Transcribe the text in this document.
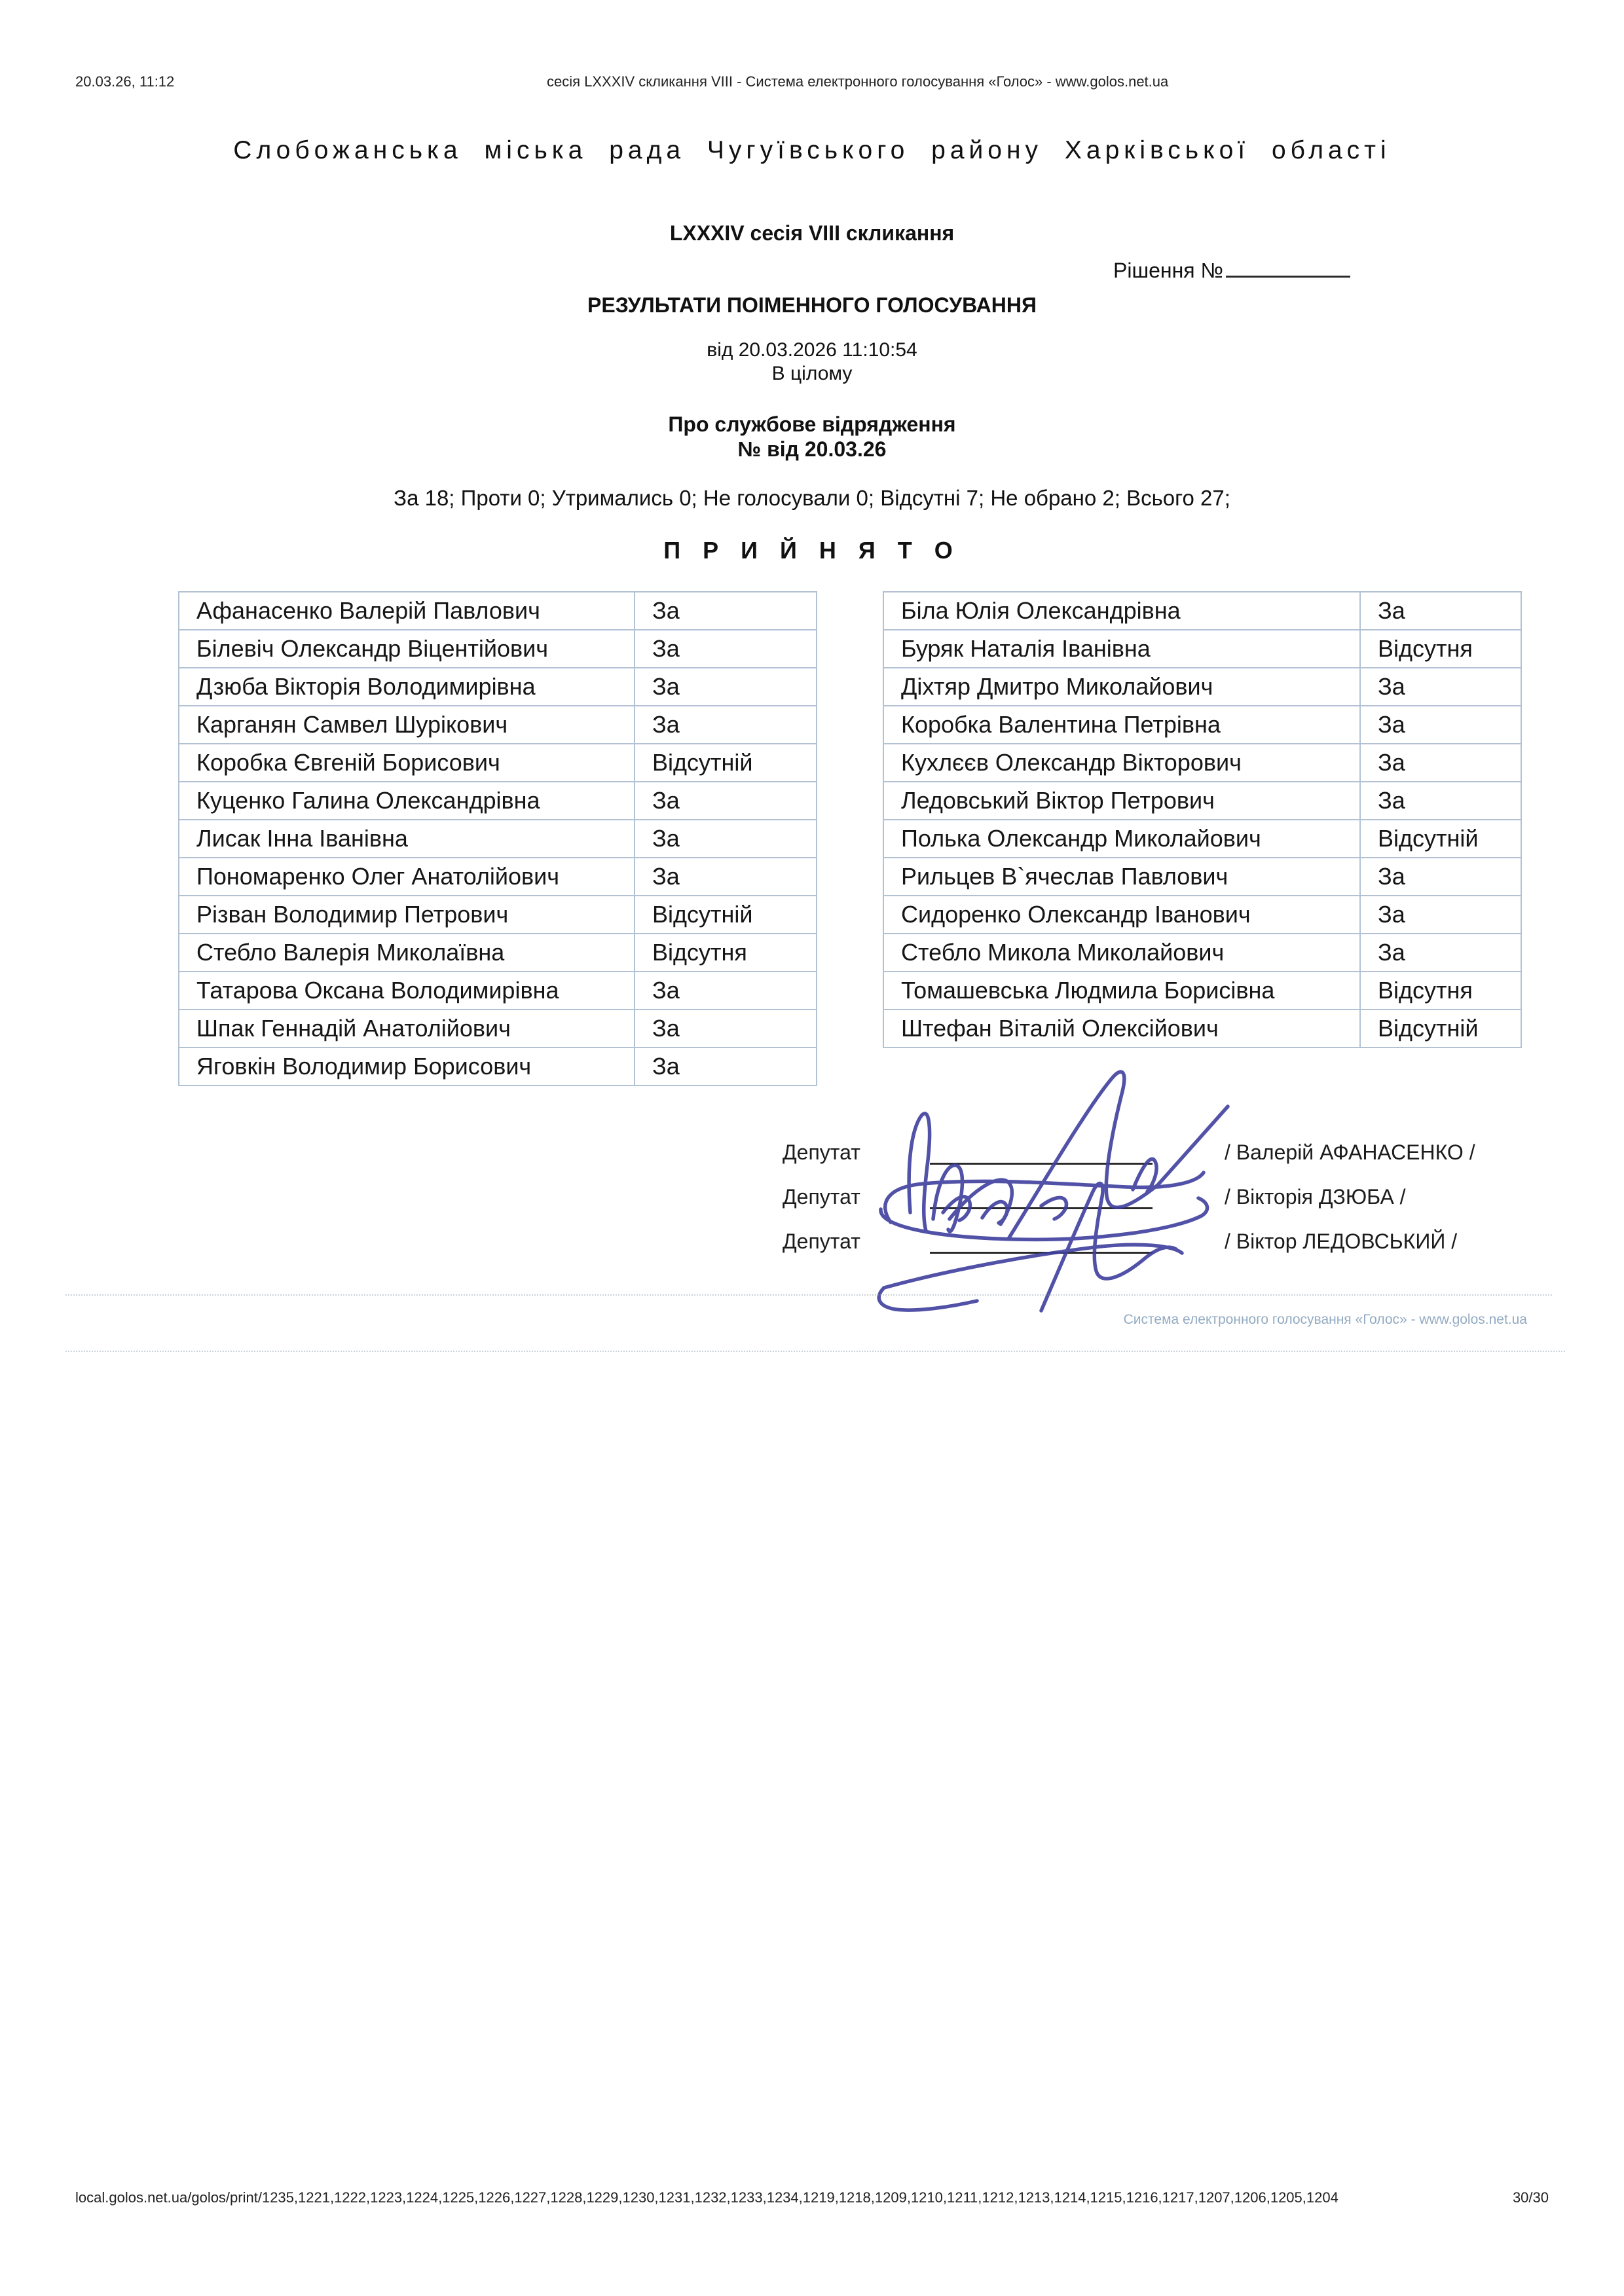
20.03.26, 11:12	сесія LXXXIV скликання VIII - Система електронного голосування «Голос» - www.golos.net.ua
Слобожанська міська рада Чугуївського району Харківської області
LXXXIV сесія VIII скликання
Рішення №
РЕЗУЛЬТАТИ ПОІМЕННОГО ГОЛОСУВАННЯ
від 20.03.2026 11:10:54
В цілому
Про службове відрядження
№ від 20.03.26
За 18; Проти 0; Утримались 0; Не голосували 0; Відсутні 7; Не обрано 2; Всього 27;
П Р И Й Н Я Т О
Афанасенко Валерій Павлович	За
Білевіч Олександр Віцентійович	За
Дзюба Вікторія Володимирівна	За
Карганян Самвел Шурікович	За
Коробка Євгеній Борисович	Відсутній
Куценко Галина Олександрівна	За
Лисак Інна Іванівна	За
Пономаренко Олег Анатолійович	За
Різван Володимир Петрович	Відсутній
Стебло Валерія Миколаївна	Відсутня
Татарова Оксана Володимирівна	За
Шпак Геннадій Анатолійович	За
Яговкін Володимир Борисович	За
Біла Юлія Олександрівна	За
Буряк Наталія Іванівна	Відсутня
Діхтяр Дмитро Миколайович	За
Коробка Валентина Петрівна	За
Кухлєєв Олександр Вікторович	За
Ледовський Віктор Петрович	За
Полька Олександр Миколайович	Відсутній
Рильцев В`ячеслав Павлович	За
Сидоренко Олександр Іванович	За
Стебло Микола Миколайович	За
Томашевська Людмила Борисівна	Відсутня
Штефан Віталій Олексійович	Відсутній
Депутат	/ Валерій АФАНАСЕНКО /
Депутат	/ Вікторія ДЗЮБА /
Депутат	/ Віктор ЛЕДОВСЬКИЙ /
Система електронного голосування «Голос» - www.golos.net.ua
local.golos.net.ua/golos/print/1235,1221,1222,1223,1224,1225,1226,1227,1228,1229,1230,1231,1232,1233,1234,1219,1218,1209,1210,1211,1212,1213,1214,1215,1216,1217,1207,1206,1205,1204	30/30
